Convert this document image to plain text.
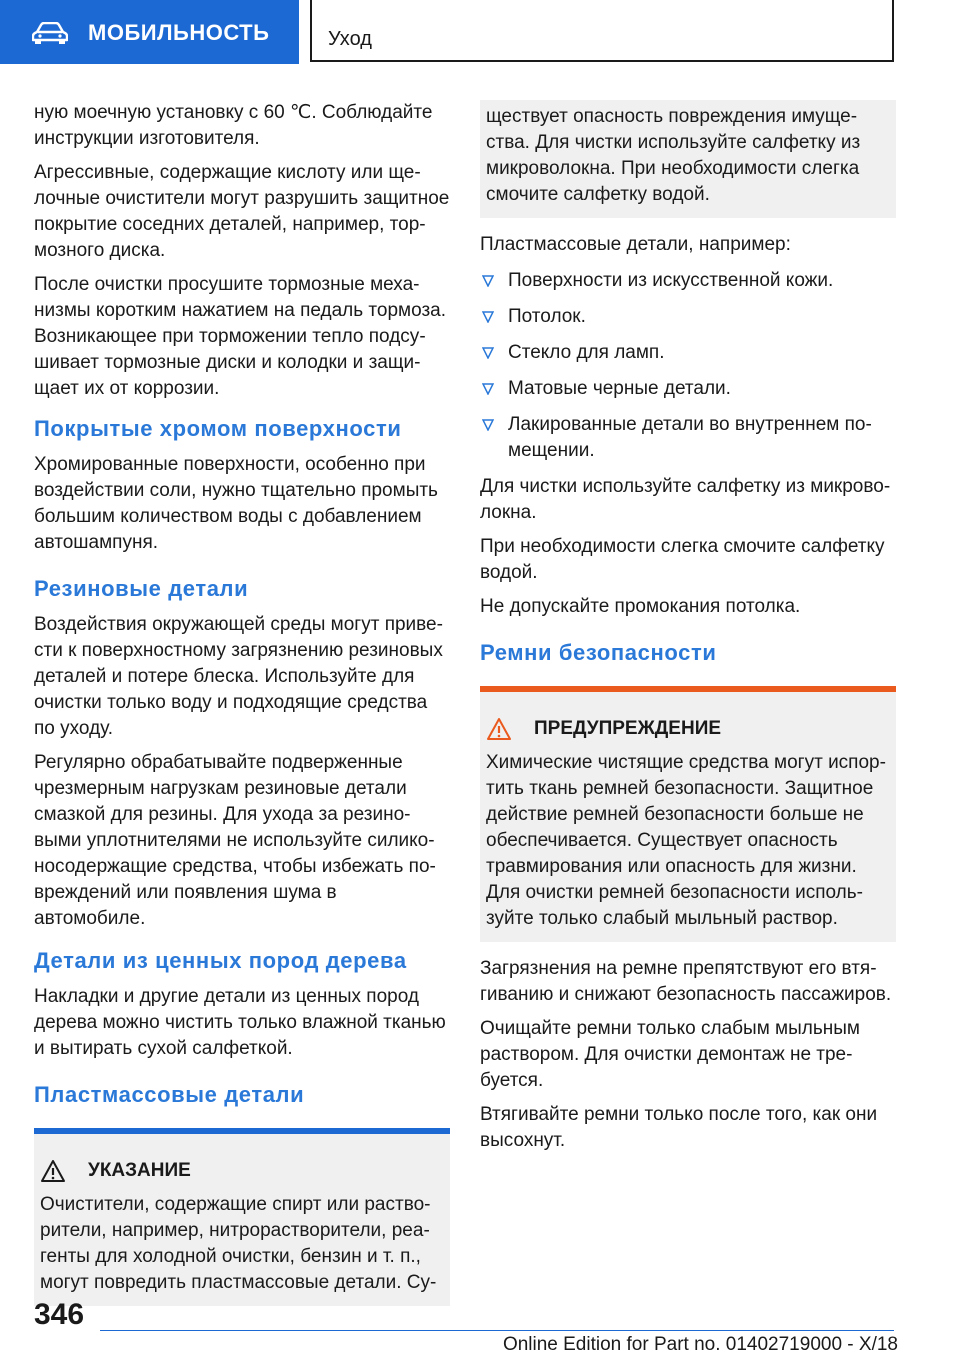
МОБИЛЬНОСТЬ	Уход

ную моечную установку с 60 ℃. Соблюдайте инструкции изготовителя.

Агрессивные, содержащие кислоту или щелочные очистители могут разрушить защитное покрытие соседних деталей, например, тормозного диска.

После очистки просушите тормозные механизмы коротким нажатием на педаль тормоза. Возникающее при торможении тепло подсушивает тормозные диски и колодки и защищает их от коррозии.

Покрытые хромом поверхности

Хромированные поверхности, особенно при воздействии соли, нужно тщательно промыть большим количеством воды с добавлением автошампуня.

Резиновые детали

Воздействия окружающей среды могут привести к поверхностному загрязнению резиновых деталей и потере блеска. Используйте для очистки только воду и подходящие средства по уходу.

Регулярно обрабатывайте подверженные чрезмерным нагрузкам резиновые детали смазкой для резины. Для ухода за резиновыми уплотнителями не используйте силиконосодержащие средства, чтобы избежать повреждений или появления шума в автомобиле.

Детали из ценных пород дерева

Накладки и другие детали из ценных пород дерева можно чистить только влажной тканью и вытирать сухой салфеткой.

Пластмассовые детали
УКАЗАНИЕ

Очистители, содержащие спирт или растворители, например, нитрорастворители, реагенты для холодной очистки, бензин и т. п., могут повредить пластмассовые детали. Су-

ществует опасность повреждения имущества. Для чистки используйте салфетку из микроволокна. При необходимости слегка смочите салфетку водой.

Пластмассовые детали, например:

Поверхности из искусственной кожи.
Потолок.
Стекло для ламп.
Матовые черные детали.
Лакированные детали во внутреннем помещении.

Для чистки используйте салфетку из микроволокна.

При необходимости слегка смочите салфетку водой.

Не допускайте промокания потолка.

Ремни безопасности
ПРЕДУПРЕЖДЕНИЕ

Химические чистящие средства могут испортить ткань ремней безопасности. Защитное действие ремней безопасности больше не обеспечивается. Существует опасность травмирования или опасность для жизни. Для очистки ремней безопасности используйте только слабый мыльный раствор.

Загрязнения на ремне препятствуют его втягиванию и снижают безопасность пассажиров.

Очищайте ремни только слабым мыльным раствором. Для очистки демонтаж не требуется.

Втягивайте ремни только после того, как они высохнут.

346
Online Edition for Part no. 01402719000 - X/18
